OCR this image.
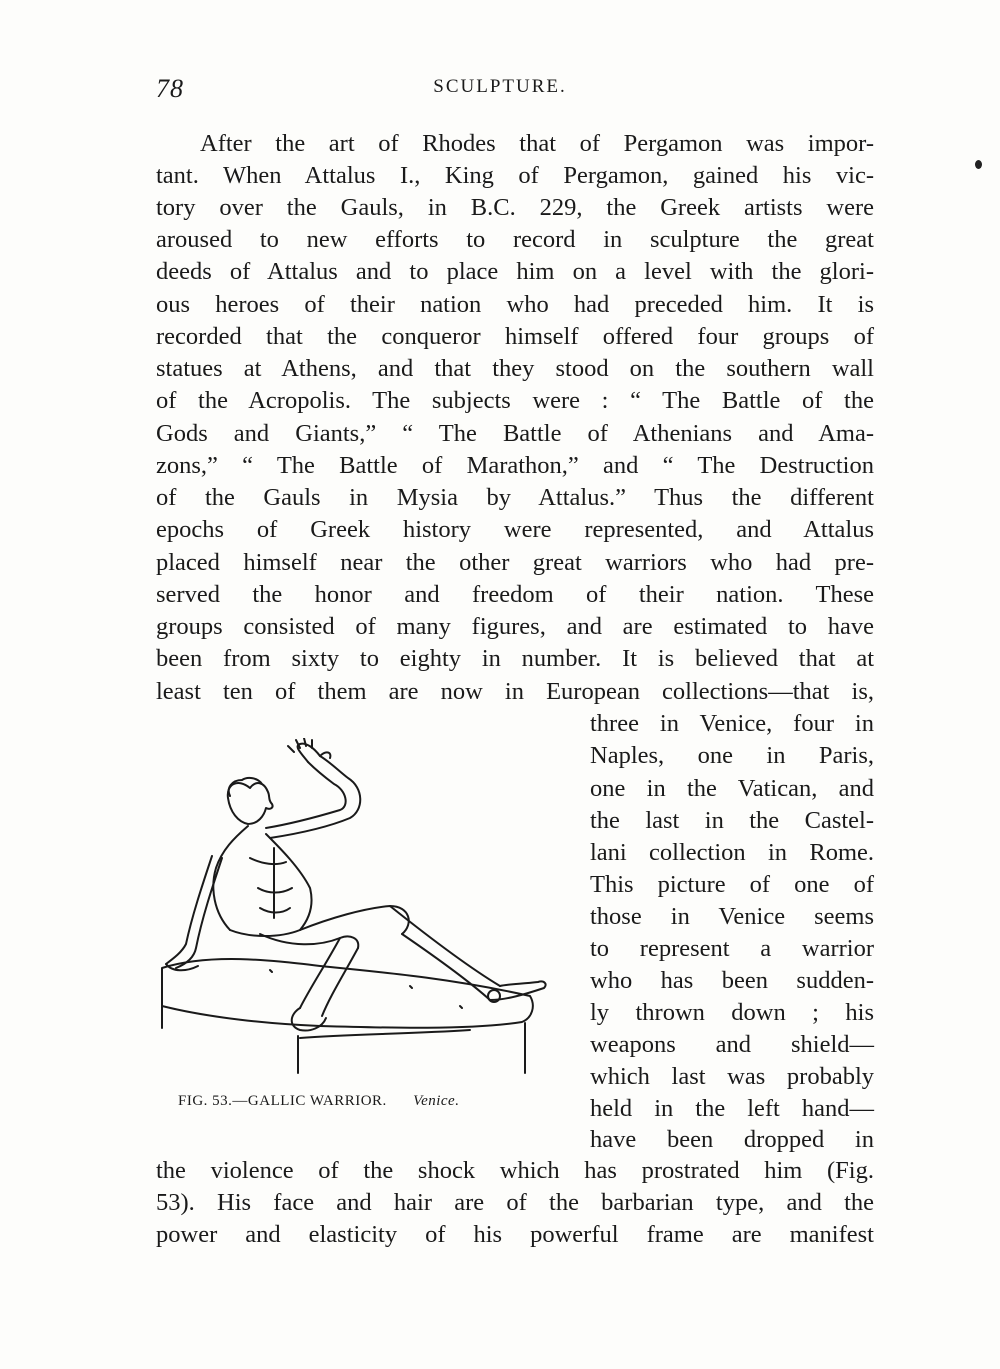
78	SCULPTURE.
After the art of Rhodes that of Pergamon was impor-
tant. When Attalus I., King of Pergamon, gained his vic-
tory over the Gauls, in B.C. 229, the Greek artists were
aroused to new efforts to record in sculpture the great
deeds of Attalus and to place him on a level with the glori-
ous heroes of their nation who had preceded him. It is
recorded that the conqueror himself offered four groups of
statues at Athens, and that they stood on the southern wall
of the Acropolis. The subjects were : “ The Battle of the
Gods and Giants,” “ The Battle of Athenians and Ama-
zons,” “ The Battle of Marathon,” and “ The Destruction
of the Gauls in Mysia by Attalus.” Thus the different
epochs of Greek history were represented, and Attalus
placed himself near the other great warriors who had pre-
served the honor and freedom of their nation. These
groups consisted of many figures, and are estimated to have
been from sixty to eighty in number. It is believed that at
least ten of them are now in European collections—that is,
three in Venice, four in
Naples, one in Paris,
one in the Vatican, and
the last in the Castel-
lani collection in Rome.
This picture of one of
those in Venice seems
to represent a warrior
who has been sudden-
ly thrown down ; his
weapons and shield—
which last was probably
held in the left hand—
have been dropped in
the violence of the shock which has prostrated him (Fig.
53). His face and hair are of the barbarian type, and the
power and elasticity of his powerful frame are manifest
FIG. 53.—GALLIC WARRIOR. Venice.
